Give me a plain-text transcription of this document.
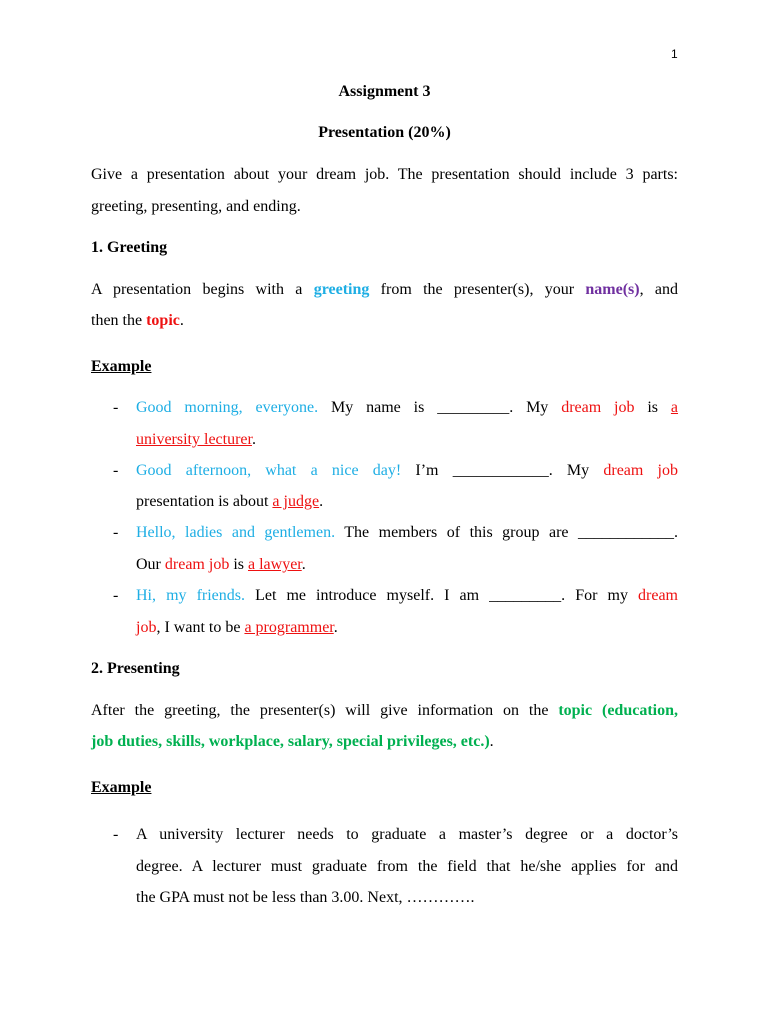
1
Assignment 3
Presentation (20%)
Give a presentation about your dream job. The presentation should include 3 parts:
greeting, presenting, and ending.
1. Greeting
A presentation begins with a greeting from the presenter(s), your name(s), and
then the topic.
Example
- Good morning, everyone. My name is _________. My dream job is a
university lecturer.
- Good afternoon, what a nice day! I’m ____________. My dream job
presentation is about a judge.
- Hello, ladies and gentlemen. The members of this group are ____________.
Our dream job is a lawyer.
- Hi, my friends. Let me introduce myself. I am _________. For my dream
job, I want to be a programmer.
2. Presenting
After the greeting, the presenter(s) will give information on the topic (education,
job duties, skills, workplace, salary, special privileges, etc.).
Example
- A university lecturer needs to graduate a master’s degree or a doctor’s
degree. A lecturer must graduate from the field that he/she applies for and
the GPA must not be less than 3.00. Next, ………….
